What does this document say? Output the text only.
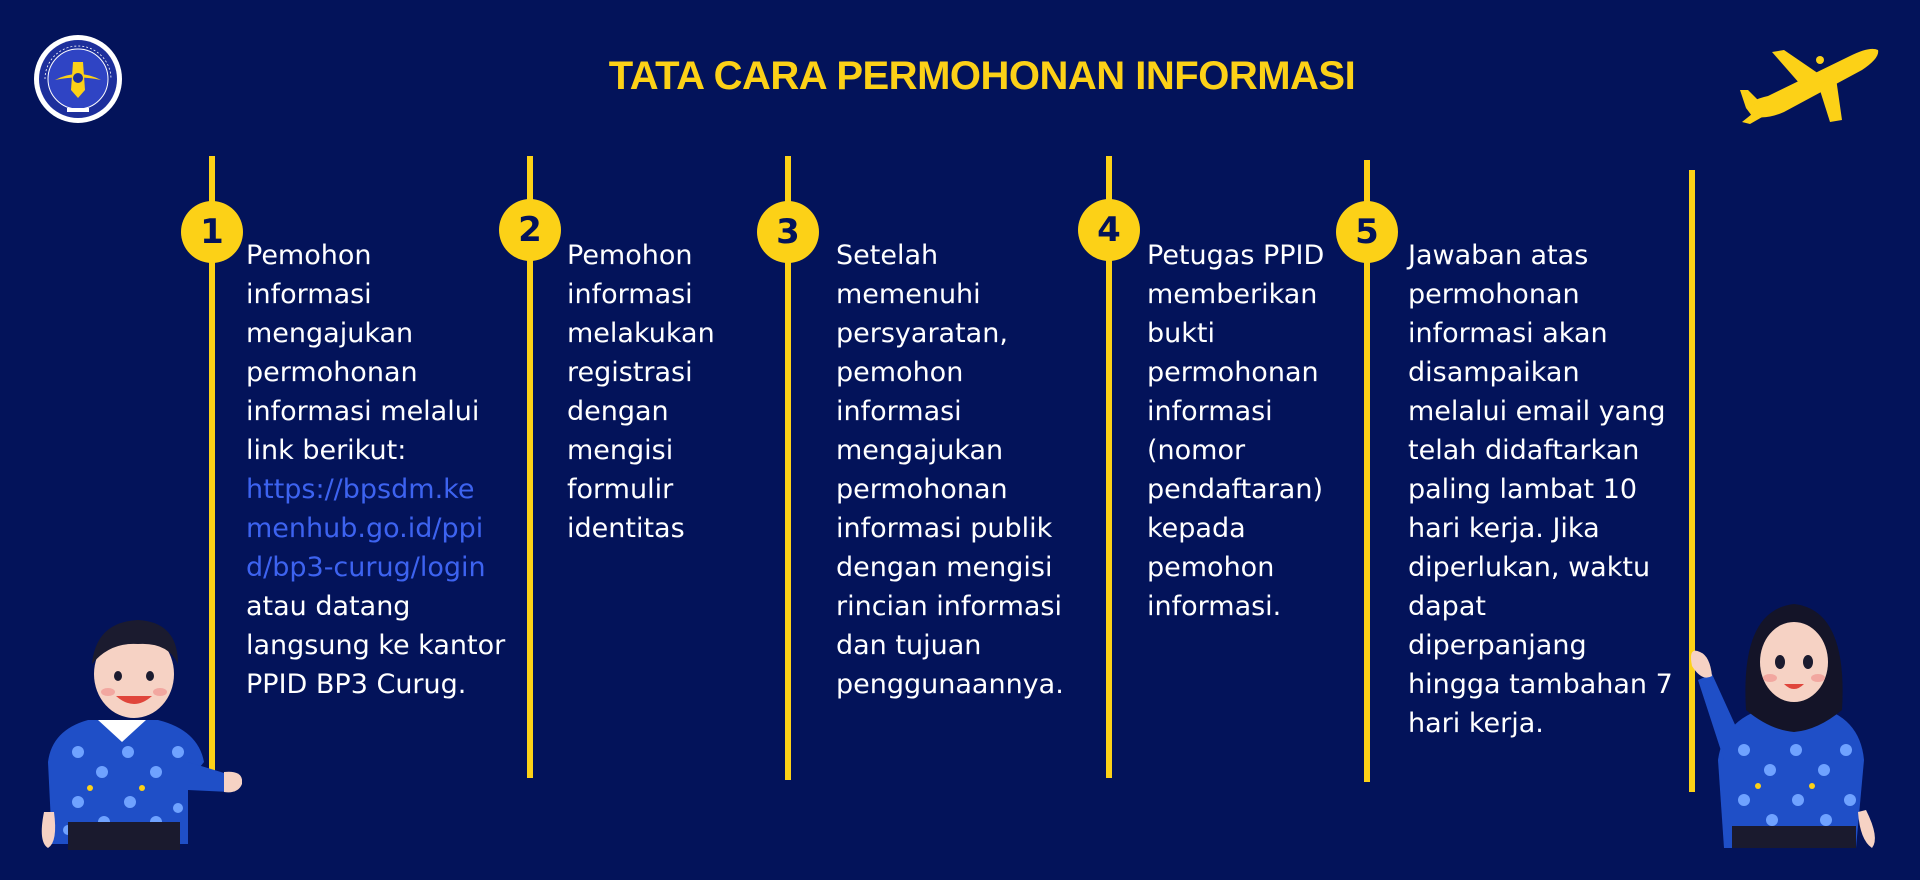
TATA CARA PERMOHONAN INFORMASI
1	2	3	4	5
Pemohon
informasi
mengajukan
permohonan
informasi melalui
link berikut:
https://bpsdm.ke
menhub.go.id/ppi
d/bp3-curug/login
atau datang
langsung ke kantor
PPID BP3 Curug.
Pemohon
informasi
melakukan
registrasi
dengan
mengisi
formulir
identitas
Setelah
memenuhi
persyaratan,
pemohon
informasi
mengajukan
permohonan
informasi publik
dengan mengisi
rincian informasi
dan tujuan
penggunaannya.
Petugas PPID
memberikan
bukti
permohonan
informasi
(nomor
pendaftaran)
kepada
pemohon
informasi.
Jawaban atas
permohonan
informasi akan
disampaikan
melalui email yang
telah didaftarkan
paling lambat 10
hari kerja. Jika
diperlukan, waktu
dapat
diperpanjang
hingga tambahan 7
hari kerja.
